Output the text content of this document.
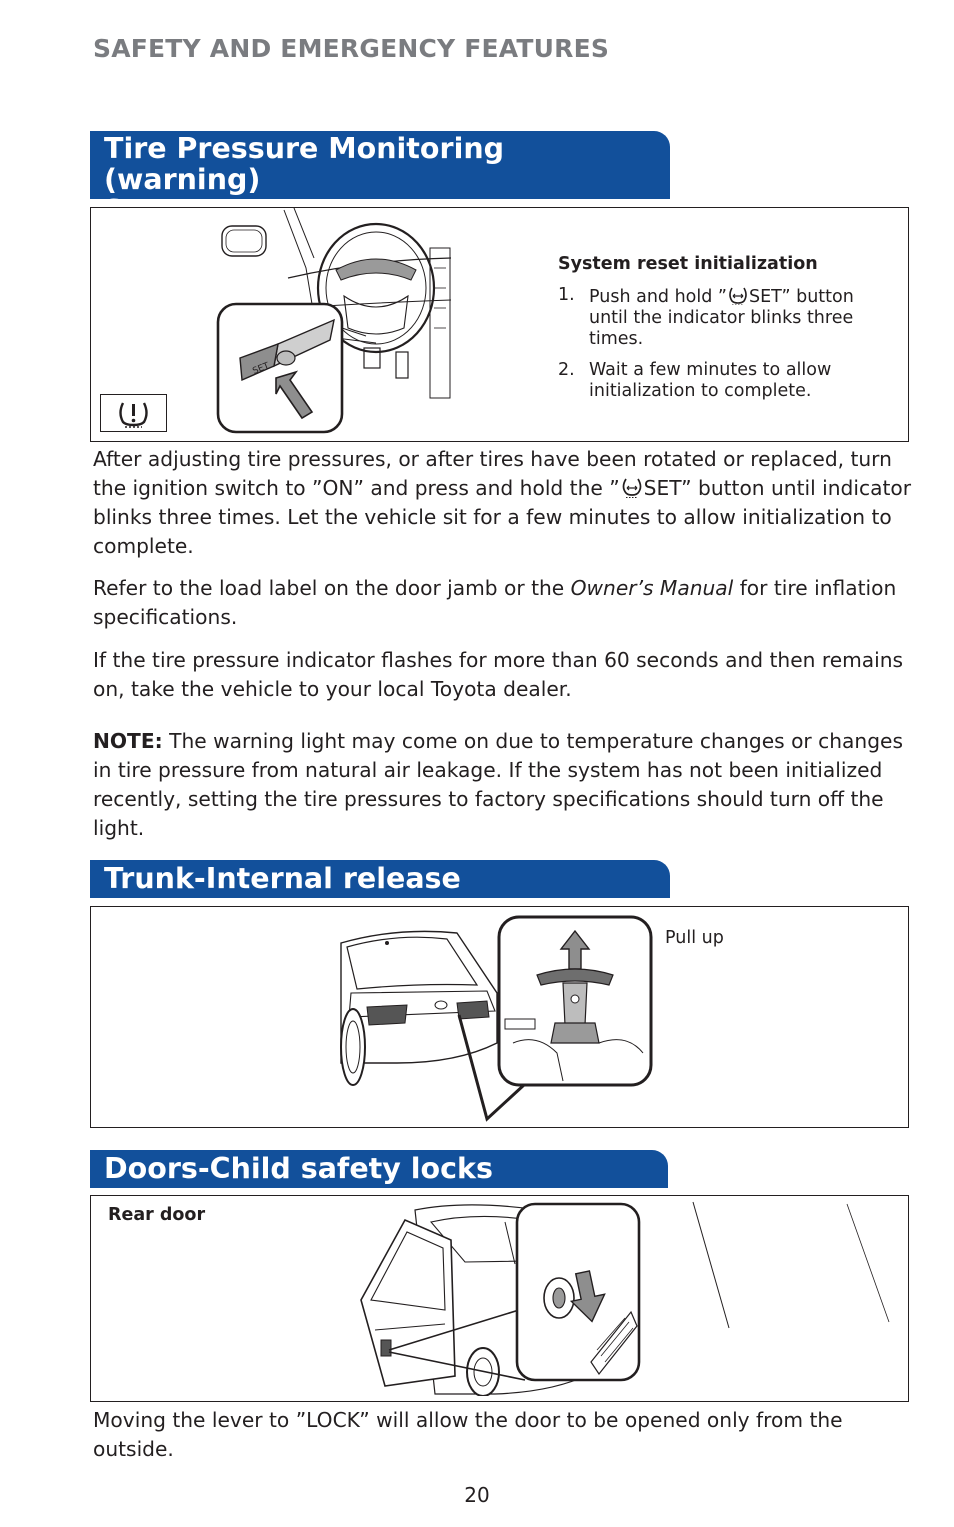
SAFETY AND EMERGENCY FEATURES
Tire Pressure Monitoring (warning)
SET
System reset initialization
1. Push and hold ” SET” button until the indicator blinks three times.
2. Wait a few minutes to allow initialization to complete.

After adjusting tire pressures, or after tires have been rotated or replaced, turn the ignition switch to ”ON” and press and hold the ” SET” button until indicator blinks three times. Let the vehicle sit for a few minutes to allow initialization to complete.

Refer to the load label on the door jamb or the Owner’s Manual for tire inflation specifications.

If the tire pressure indicator flashes for more than 60 seconds and then remains on, take the vehicle to your local Toyota dealer.

NOTE: The warning light may come on due to temperature changes or changes in tire pressure from natural air leakage. If the system has not been initialized recently, setting the tire pressures to factory specifications should turn off the light.

Trunk-Internal release
Pull up
Doors-Child safety locks
Rear door

Moving the lever to ”LOCK” will allow the door to be opened only from the outside.

20
